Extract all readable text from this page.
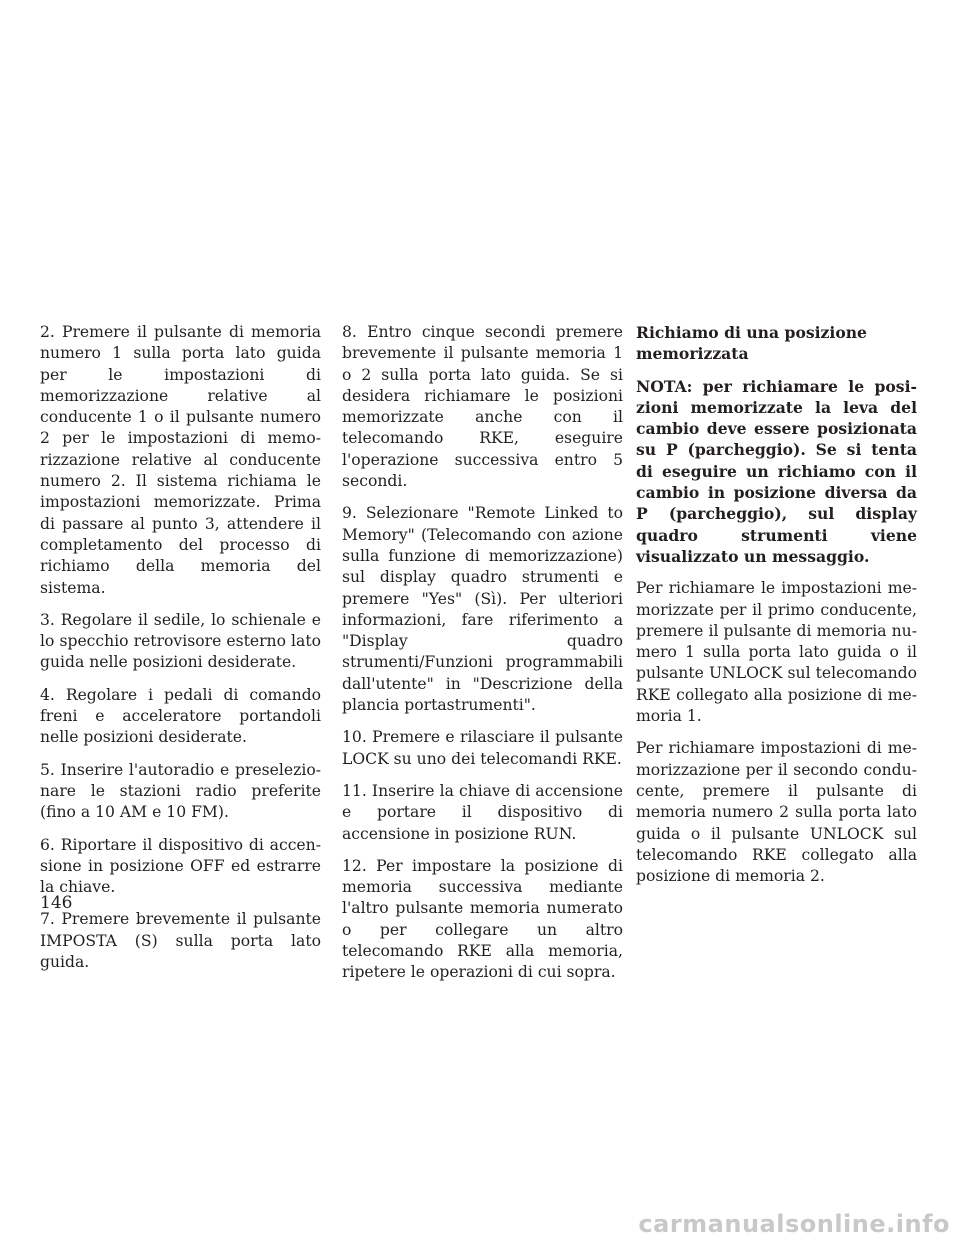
2. Premere il pulsante di memoria numero 1 sulla porta lato guida per le impostazioni di memorizzazione relative al conducente 1 o il pulsante numero 2 per le impostazioni di memorizzazione relative al conducente numero 2. Il sistema richiama le impostazioni memorizzate. Prima di passare al punto 3, attendere il completamento del processo di richiamo della memoria del sistema.

3. Regolare il sedile, lo schienale e lo specchio retrovisore esterno lato guida nelle posizioni desiderate.

4. Regolare i pedali di comando freni e acceleratore portandoli nelle posizioni desiderate.

5. Inserire l'autoradio e preselezionare le stazioni radio preferite (fino a 10 AM e 10 FM).

6. Riportare il dispositivo di accensione in posizione OFF ed estrarre la chiave.

7. Premere brevemente il pulsante IMPOSTA (S) sulla porta lato guida.

8. Entro cinque secondi premere brevemente il pulsante memoria 1 o 2 sulla porta lato guida. Se si desidera richiamare le posizioni memorizzate anche con il telecomando RKE, eseguire l'operazione successiva entro 5 secondi.

9. Selezionare "Remote Linked to Memory" (Telecomando con azione sulla funzione di memorizzazione) sul display quadro strumenti e premere "Yes" (Sì). Per ulteriori informazioni, fare riferimento a "Display quadro strumenti/Funzioni programmabili dall'utente" in "Descrizione della plancia portastrumenti".

10. Premere e rilasciare il pulsante LOCK su uno dei telecomandi RKE.

11. Inserire la chiave di accensione e portare il dispositivo di accensione in posizione RUN.

12. Per impostare la posizione di memoria successiva mediante l'altro pulsante memoria numerato o per collegare un altro telecomando RKE alla memoria, ripetere le operazioni di cui sopra.

Richiamo di una posizione memorizzata

NOTA: per richiamare le posizioni memorizzate la leva del cambio deve essere posizionata su P (parcheggio). Se si tenta di eseguire un richiamo con il cambio in posizione diversa da P (parcheggio), sul display quadro strumenti viene visualizzato un messaggio.

Per richiamare le impostazioni memorizzate per il primo conducente, premere il pulsante di memoria numero 1 sulla porta lato guida o il pulsante UNLOCK sul telecomando RKE collegato alla posizione di memoria 1.

Per richiamare impostazioni di memorizzazione per il secondo conducente, premere il pulsante di memoria numero 2 sulla porta lato guida o il pulsante UNLOCK sul telecomando RKE collegato alla posizione di memoria 2.

146
carmanualsonline.info
